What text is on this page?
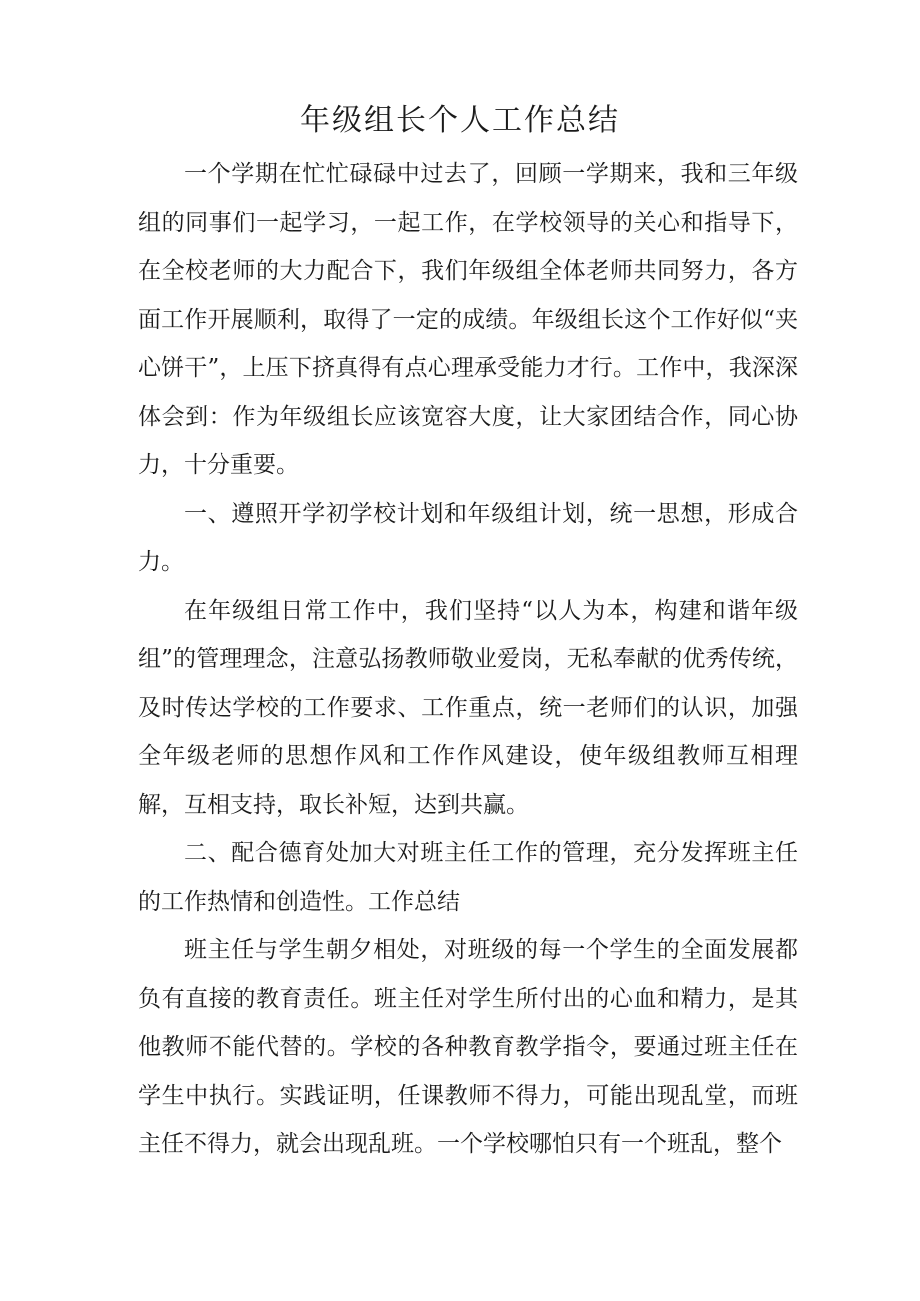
年级组长个人工作总结

一个学期在忙忙碌碌中过去了，回顾一学期来，我和三年级组的同事们一起学习，一起工作，在学校领导的关心和指导下，在全校老师的大力配合下，我们年级组全体老师共同努力，各方面工作开展顺利，取得了一定的成绩。年级组长这个工作好似“夹心饼干”，上压下挤真得有点心理承受能力才行。工作中，我深深体会到：作为年级组长应该宽容大度，让大家团结合作，同心协力，十分重要。

一、遵照开学初学校计划和年级组计划，统一思想，形成合力。

在年级组日常工作中，我们坚持“以人为本，构建和谐年级组”的管理理念，注意弘扬教师敬业爱岗，无私奉献的优秀传统，及时传达学校的工作要求、工作重点，统一老师们的认识，加强全年级老师的思想作风和工作作风建设，使年级组教师互相理解，互相支持，取长补短，达到共赢。

二、配合德育处加大对班主任工作的管理，充分发挥班主任的工作热情和创造性。工作总结

班主任与学生朝夕相处，对班级的每一个学生的全面发展都负有直接的教育责任。班主任对学生所付出的心血和精力，是其他教师不能代替的。学校的各种教育教学指令，要通过班主任在学生中执行。实践证明，任课教师不得力，可能出现乱堂，而班主任不得力，就会出现乱班。一个学校哪怕只有一个班乱，整个
